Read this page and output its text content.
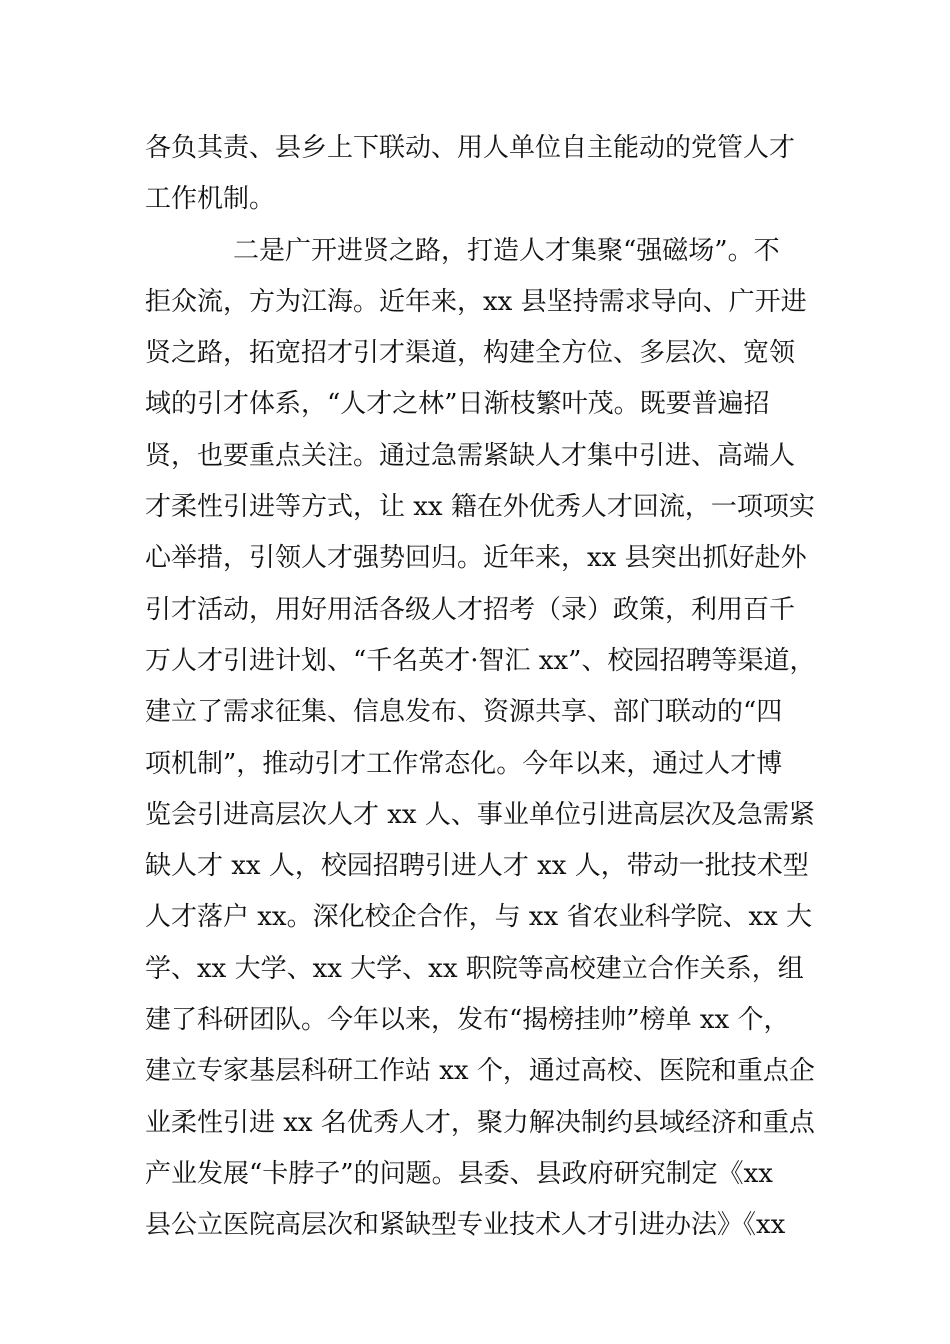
各负其责、县乡上下联动、用人单位自主能动的党管人才
工作机制。
二是广开进贤之路，打造人才集聚“强磁场”。不
拒众流，方为江海。近年来，xx 县坚持需求导向、广开进
贤之路，拓宽招才引才渠道，构建全方位、多层次、宽领
域的引才体系，“人才之林”日渐枝繁叶茂。既要普遍招
贤，也要重点关注。通过急需紧缺人才集中引进、高端人
才柔性引进等方式，让 xx 籍在外优秀人才回流，一项项实
心举措，引领人才强势回归。近年来，xx 县突出抓好赴外
引才活动，用好用活各级人才招考（录）政策，利用百千
万人才引进计划、“千名英才·智汇 xx”、校园招聘等渠道，
建立了需求征集、信息发布、资源共享、部门联动的“四
项机制”，推动引才工作常态化。今年以来，通过人才博
览会引进高层次人才 xx 人、事业单位引进高层次及急需紧
缺人才 xx 人，校园招聘引进人才 xx 人，带动一批技术型
人才落户 xx。深化校企合作，与 xx 省农业科学院、xx 大
学、xx 大学、xx 大学、xx 职院等高校建立合作关系，组
建了科研团队。今年以来，发布“揭榜挂帅”榜单 xx 个，
建立专家基层科研工作站 xx 个，通过高校、医院和重点企
业柔性引进 xx 名优秀人才，聚力解决制约县域经济和重点
产业发展“卡脖子”的问题。县委、县政府研究制定《xx
县公立医院高层次和紧缺型专业技术人才引进办法》《xx
